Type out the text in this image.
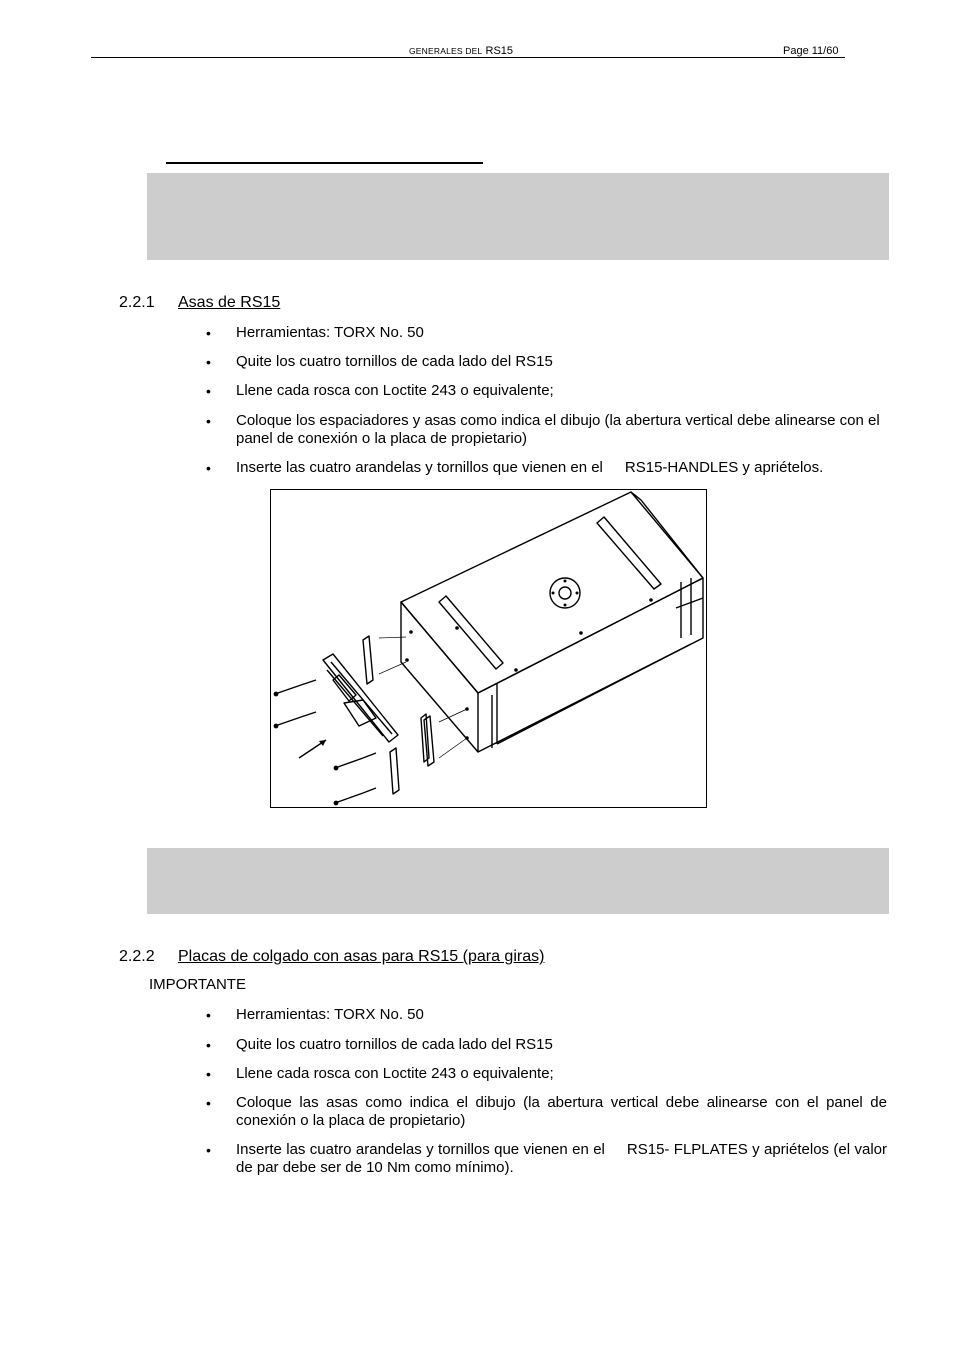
GENERALES DEL RS15	Page 11/60
2.2.1 Asas de RS15
• Herramientas: TORX No. 50
• Quite los cuatro tornillos de cada lado del RS15
• Llene cada rosca con Loctite 243 o equivalente;
• Coloque los espaciadores y asas como indica el dibujo (la abertura vertical debe alinearse con el panel de conexión o la placa de propietario)
• Inserte las cuatro arandelas y tornillos que vienen en el RS15-HANDLES y apriételos.
2.2.2 Placas de colgado con asas para RS15 (para giras)
IMPORTANTE
• Herramientas: TORX No. 50
• Quite los cuatro tornillos de cada lado del RS15
• Llene cada rosca con Loctite 243 o equivalente;
• Coloque las asas como indica el dibujo (la abertura vertical debe alinearse con el panel de conexión o la placa de propietario)
• Inserte las cuatro arandelas y tornillos que vienen en el RS15- FLPLATES y apriételos (el valor de par debe ser de 10 Nm como mínimo).
